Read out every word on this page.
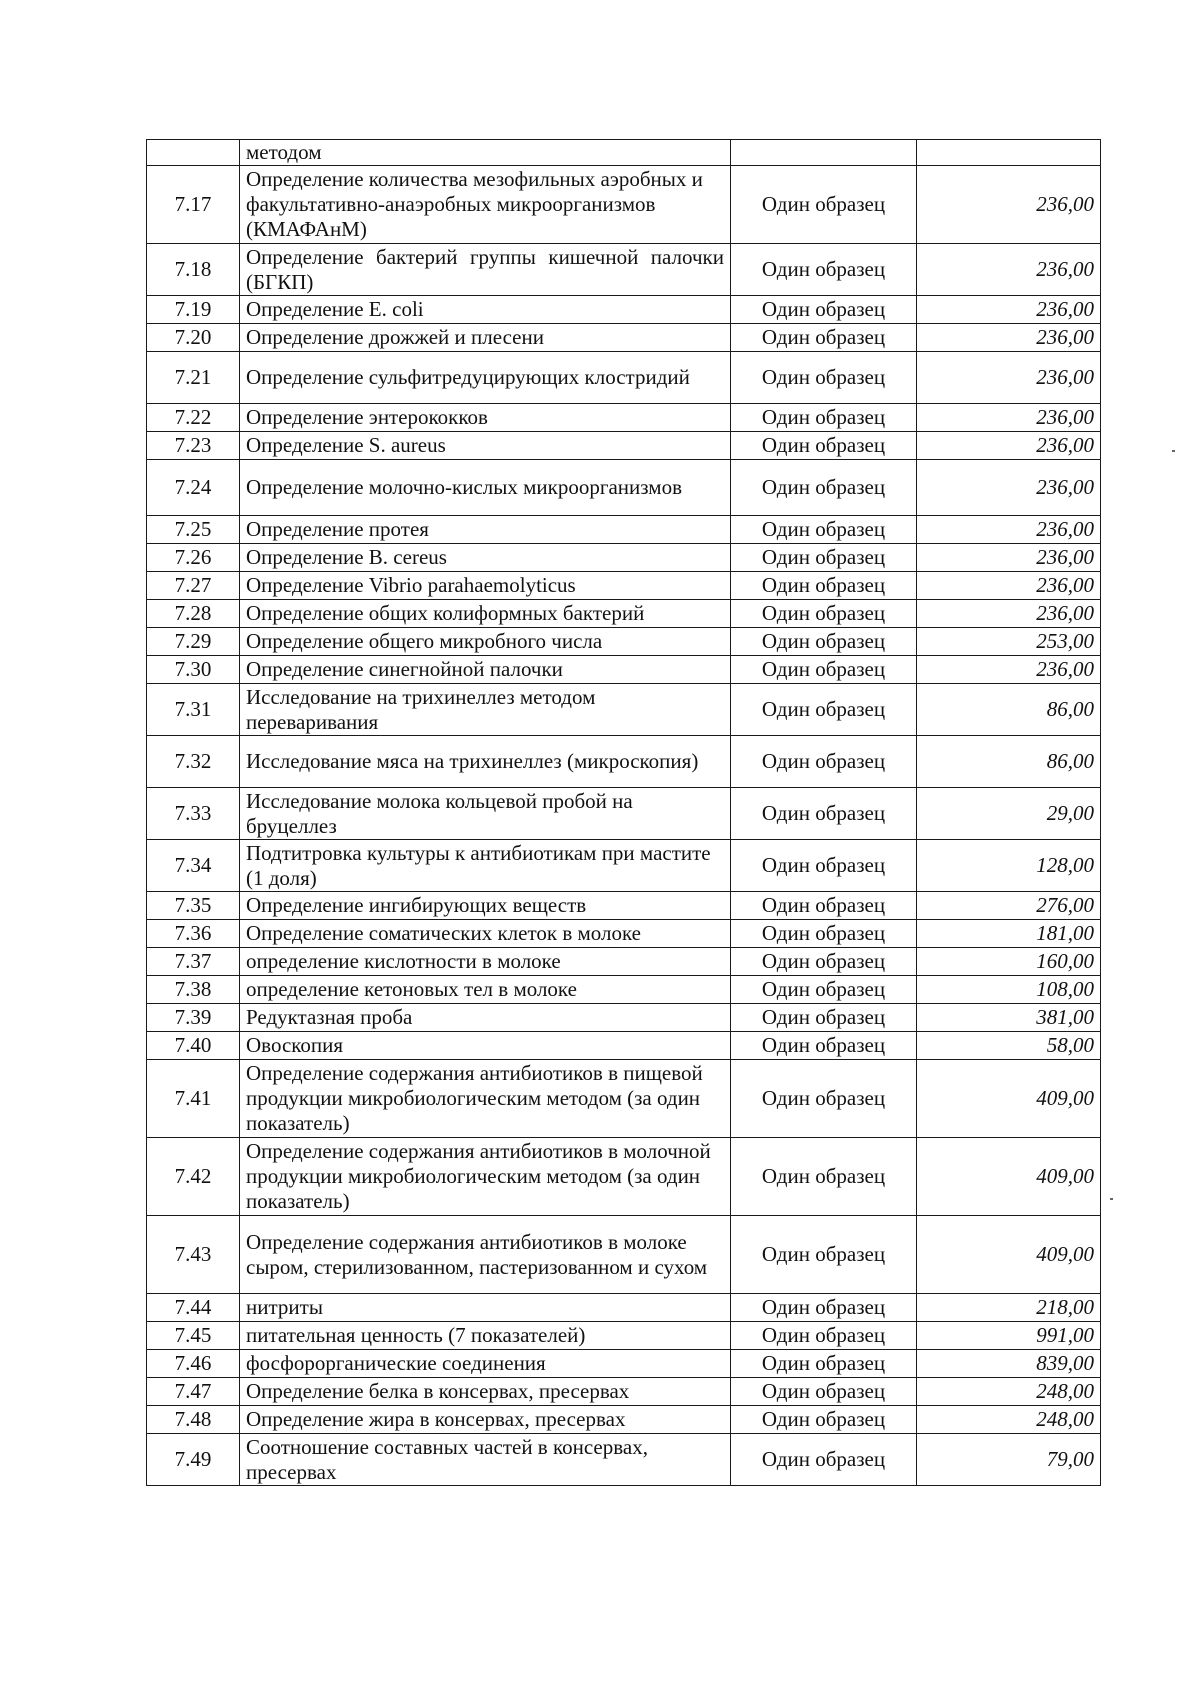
	методом		
7.17	Определение количества мезофильных аэробных и факультативно-анаэробных микроорганизмов (КМАФАнМ)	Один образец	236,00
7.18	Определение бактерий группы кишечной палочки (БГКП)	Один образец	236,00
7.19	Определение E. coli	Один образец	236,00
7.20	Определение дрожжей и плесени	Один образец	236,00
7.21	Определение сульфитредуцирующих клостридий	Один образец	236,00
7.22	Определение энтерококков	Один образец	236,00
7.23	Определение S. aureus	Один образец	236,00
7.24	Определение молочно-кислых микроорганизмов	Один образец	236,00
7.25	Определение протея	Один образец	236,00
7.26	Определение B. cereus	Один образец	236,00
7.27	Определение Vibrio parahaemolyticus	Один образец	236,00
7.28	Определение общих колиформных бактерий	Один образец	236,00
7.29	Определение общего микробного числа	Один образец	253,00
7.30	Определение синегнойной палочки	Один образец	236,00
7.31	Исследование на трихинеллез методом переваривания	Один образец	86,00
7.32	Исследование мяса на трихинеллез (микроскопия)	Один образец	86,00
7.33	Исследование молока кольцевой пробой на бруцеллез	Один образец	29,00
7.34	Подтитровка культуры к антибиотикам при мастите (1 доля)	Один образец	128,00
7.35	Определение ингибирующих веществ	Один образец	276,00
7.36	Определение соматических клеток в молоке	Один образец	181,00
7.37	определение кислотности в молоке	Один образец	160,00
7.38	определение кетоновых тел в молоке	Один образец	108,00
7.39	Редуктазная проба	Один образец	381,00
7.40	Овоскопия	Один образец	58,00
7.41	Определение содержания антибиотиков в пищевой продукции микробиологическим методом (за один показатель)	Один образец	409,00
7.42	Определение содержания антибиотиков в молочной продукции микробиологическим методом (за один показатель)	Один образец	409,00
7.43	Определение содержания антибиотиков в молоке сыром, стерилизованном, пастеризованном и сухом	Один образец	409,00
7.44	нитриты	Один образец	218,00
7.45	питательная ценность (7 показателей)	Один образец	991,00
7.46	фосфорорганические соединения	Один образец	839,00
7.47	Определение белка в консервах, пресервах	Один образец	248,00
7.48	Определение жира в консервах, пресервах	Один образец	248,00
7.49	Соотношение составных частей в консервах, пресервах	Один образец	79,00
